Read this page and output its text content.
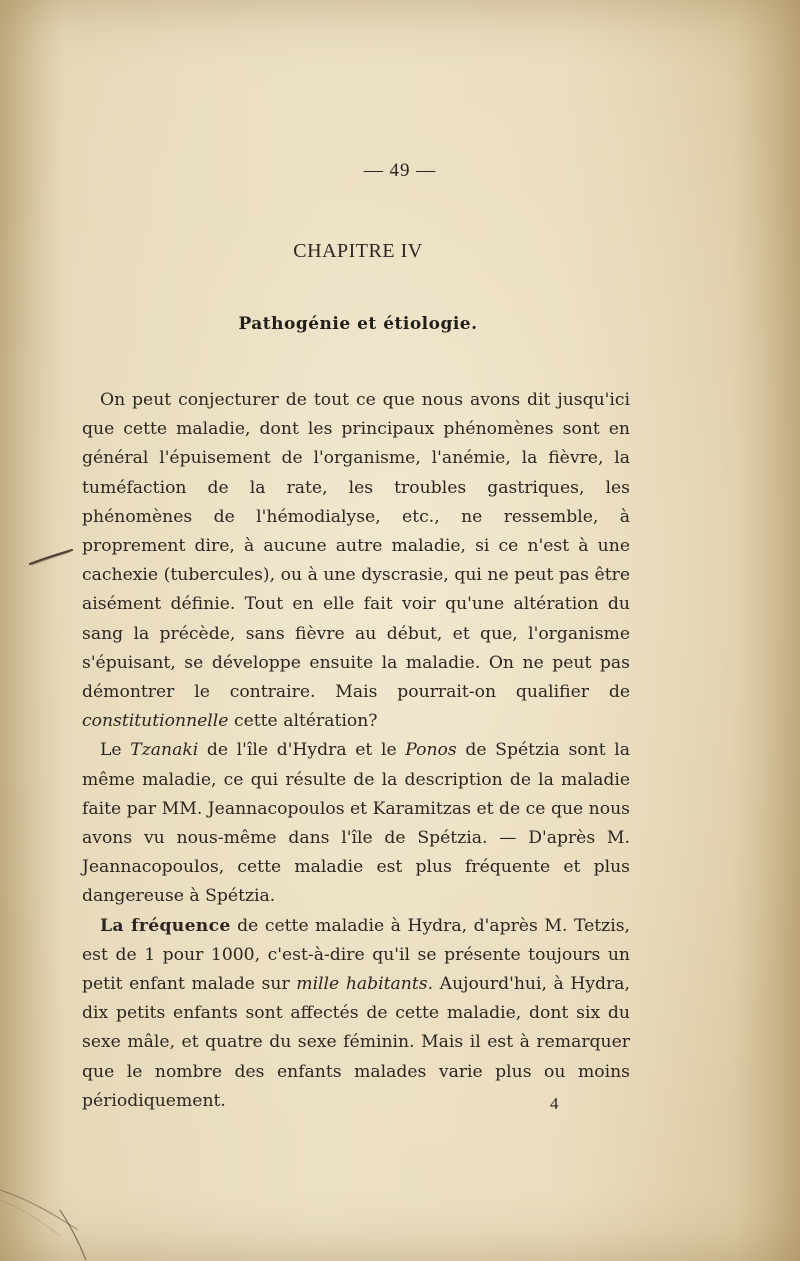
— 49 —
CHAPITRE IV
Pathogénie et étiologie.

On peut conjecturer de tout ce que nous avons dit jusqu'ici que cette maladie, dont les principaux phénomènes sont en général l'épuisement de l'organisme, l'anémie, la fièvre, la tuméfaction de la rate, les troubles gastriques, les phénomènes de l'hémodialyse, etc., ne ressemble, à proprement dire, à aucune autre maladie, si ce n'est à une cachexie (tubercules), ou à une dyscrasie, qui ne peut pas être aisément définie. Tout en elle fait voir qu'une altération du sang la précède, sans fièvre au début, et que, l'organisme s'épuisant, se développe ensuite la maladie. On ne peut pas démontrer le contraire. Mais pourrait-on qualifier de constitutionnelle cette altération?

Le Tzanaki de l'île d'Hydra et le Ponos de Spétzia sont la même maladie, ce qui résulte de la description de la maladie faite par MM. Jeannacopoulos et Karamitzas et de ce que nous avons vu nous-même dans l'île de Spétzia. — D'après M. Jeannacopoulos, cette maladie est plus fréquente et plus dangereuse à Spétzia.

La fréquence de cette maladie à Hydra, d'après M. Tetzis, est de 1 pour 1000, c'est-à-dire qu'il se présente toujours un petit enfant malade sur mille habitants. Aujourd'hui, à Hydra, dix petits enfants sont affectés de cette maladie, dont six du sexe mâle, et quatre du sexe féminin. Mais il est à remarquer que le nombre des enfants malades varie plus ou moins périodiquement.	4
